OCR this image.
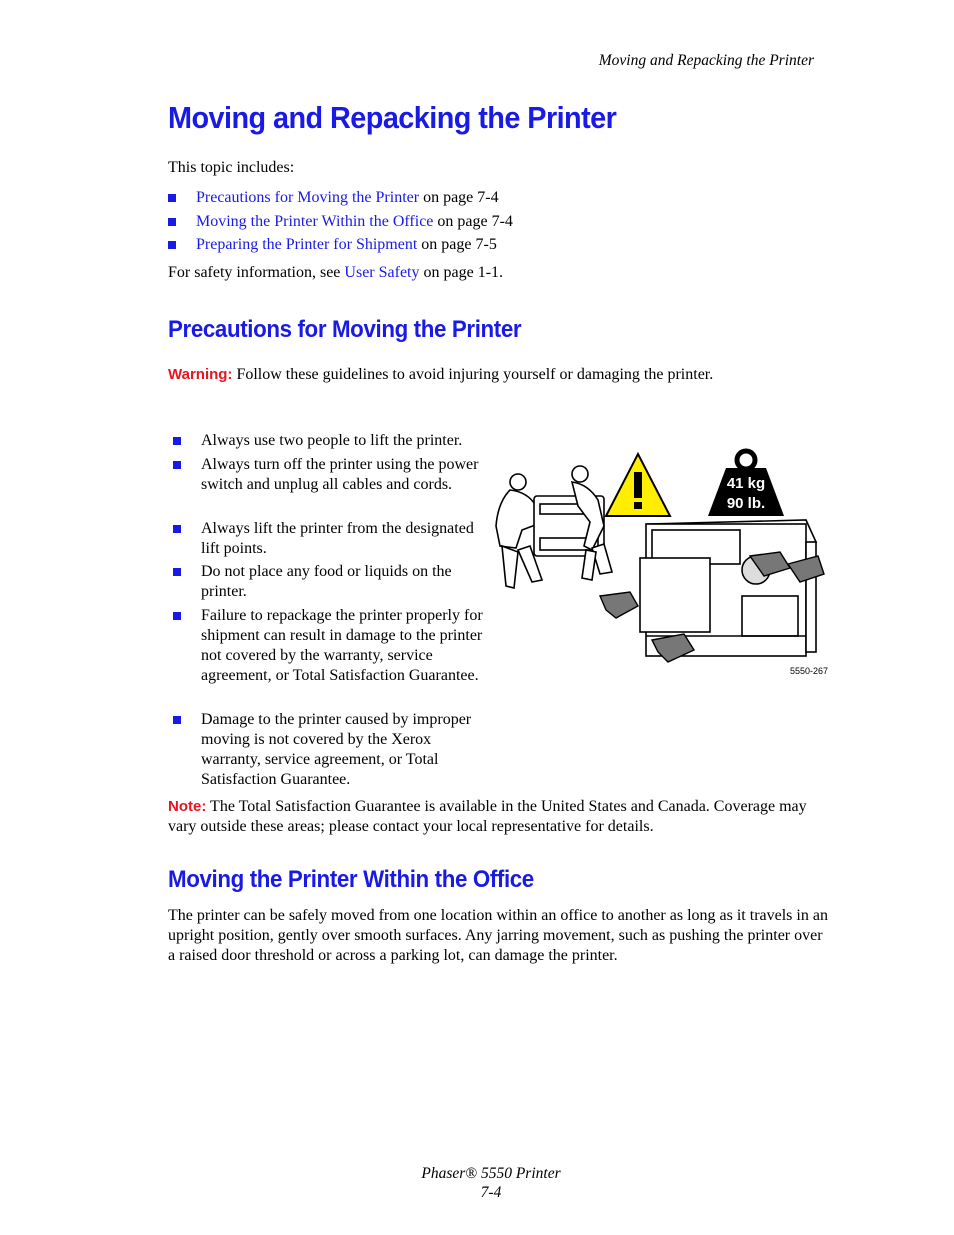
Moving and Repacking the Printer
Moving and Repacking the Printer
This topic includes:
Precautions for Moving the Printer on page 7-4
Moving the Printer Within the Office on page 7-4
Preparing the Printer for Shipment on page 7-5
For safety information, see User Safety on page 1-1.
Precautions for Moving the Printer
Warning: Follow these guidelines to avoid injuring yourself or damaging the printer.
Always use two people to lift the printer.
Always turn off the printer using the power switch and unplug all cables and cords.
Always lift the printer from the designated lift points.
Do not place any food or liquids on the printer.
Failure to repackage the printer properly for shipment can result in damage to the printer not covered by the warranty, service agreement, or Total Satisfaction Guarantee.
Damage to the printer caused by improper moving is not covered by the Xerox warranty, service agreement, or Total Satisfaction Guarantee.
41 kg
90 lb.
5550-267
Note: The Total Satisfaction Guarantee is available in the United States and Canada. Coverage may vary outside these areas; please contact your local representative for details.
Moving the Printer Within the Office
The printer can be safely moved from one location within an office to another as long as it travels in an upright position, gently over smooth surfaces. Any jarring movement, such as pushing the printer over a raised door threshold or across a parking lot, can damage the printer.
Phaser® 5550 Printer
7-4
